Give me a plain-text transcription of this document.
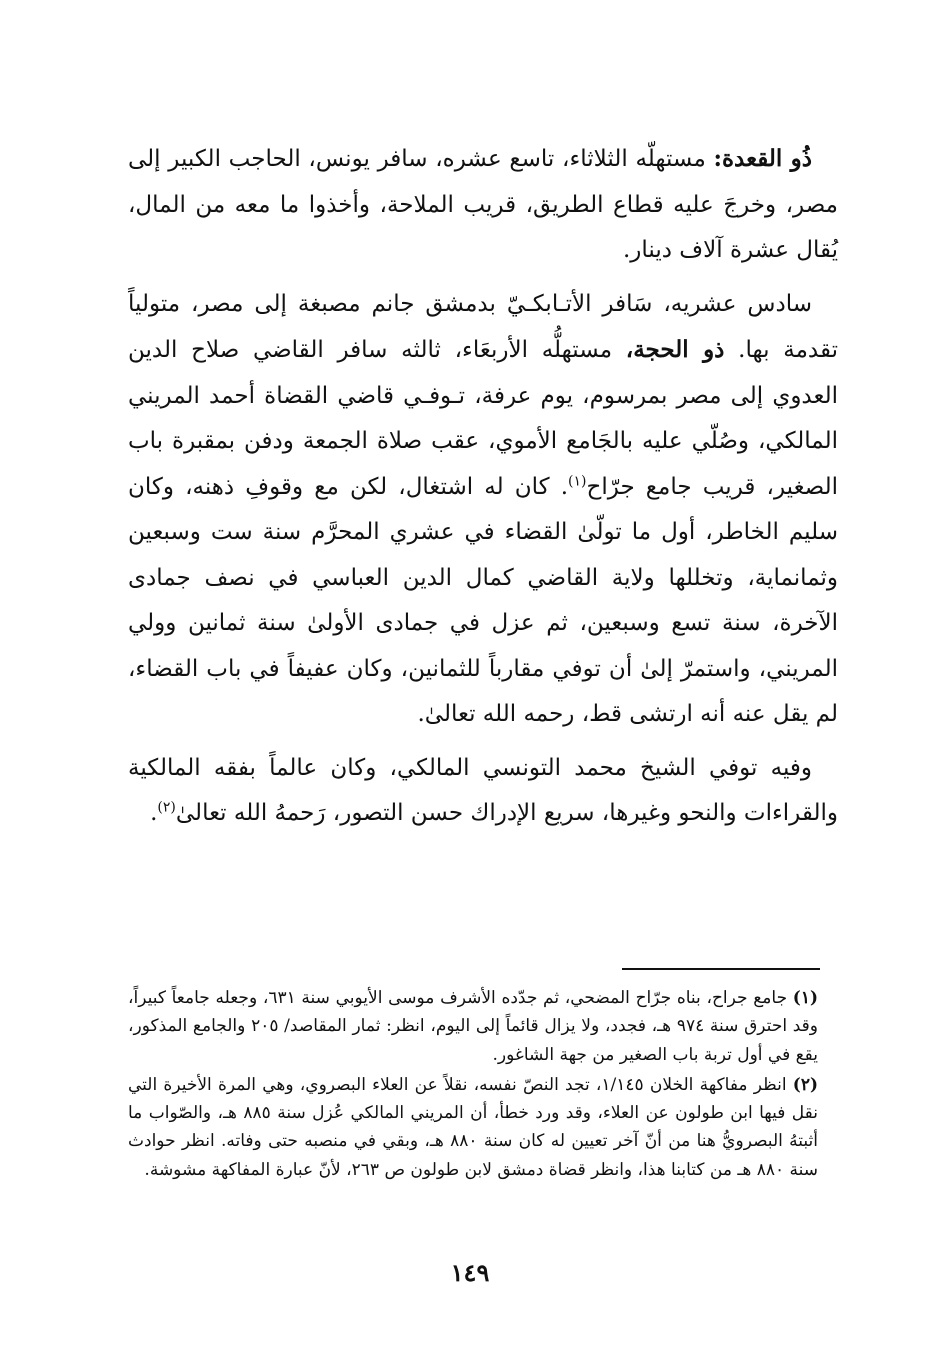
ذُو القعدة: مستهلّه الثلاثاء، تاسع عشره، سافر يونس، الحاجب الكبير إلى مصر، وخرجَ عليه قطاع الطريق، قريب الملاحة، وأخذوا ما معه من المال، يُقال عشرة آلاف دينار.

سادس عشريه، سَافر الأتـابكـيّ بدمشق جانم مصبغة إلى مصر، متولياً تقدمة بها. ذو الحجة، مستهلُّه الأربعَاء، ثالثه سافر القاضي صلاح الدين العدوي إلى مصر بمرسوم، يوم عرفة، تـوفـي قاضي القضاة أحمد المريني المالكي، وصُلّي عليه بالجَامع الأموي، عقب صلاة الجمعة ودفن بمقبرة باب الصغير، قريب جامع جرّاح$^{(١)}$. كان له اشتغال، لكن مع وقوفِ ذهنه، وكان سليم الخاطر، أول ما تولّىٰ القضاء في عشري المحرَّم سنة ست وسبعين وثمانماية، وتخللها ولاية القاضي كمال الدين العباسي في نصف جمادى الآخرة، سنة تسع وسبعين، ثم عزل في جمادى الأولىٰ سنة ثمانين وولي المريني، واستمرّ إلىٰ أن توفي مقارباً للثمانين، وكان عفيفاً في باب القضاء، لم يقل عنه أنه ارتشى قط، رحمه الله تعالىٰ.

وفيه توفي الشيخ محمد التونسي المالكي، وكان عالماً بفقه المالكية والقراءات والنحو وغيرها، سريع الإدراك حسن التصور، رَحمهُ الله تعالىٰ$^{(٢)}$.

(١) جامع جراح، بناه جرّاح المضحي، ثم جدّده الأشرف موسى الأيوبي سنة ٦٣١، وجعله جامعاً كبيراً، وقد احترق سنة ٩٧٤ هـ، فجدد، ولا يزال قائماً إلى اليوم، انظر: ثمار المقاصد/ ٢٠٥ والجامع المذكور، يقع في أول تربة باب الصغير من جهة الشاغور.
(٢) انظر مفاكهة الخلان ١/١٤٥، تجد النصّ نفسه، نقلاً عن العلاء البصروي، وهي المرة الأخيرة التي نقل فيها ابن طولون عن العلاء، وقد ورد خطأ، أن المريني المالكي عُزل سنة ٨٨٥ هـ، والصّواب ما أثبتهُ البصرويُّ هنا من أنّ آخر تعيين له كان سنة ٨٨٠ هـ، وبقي في منصبه حتى وفاته. انظر حوادث سنة ٨٨٠ هـ من كتابنا هذا، وانظر قضاة دمشق لابن طولون ص ٢٦٣، لأنّ عبارة المفاكهة مشوشة.
١٤٩
